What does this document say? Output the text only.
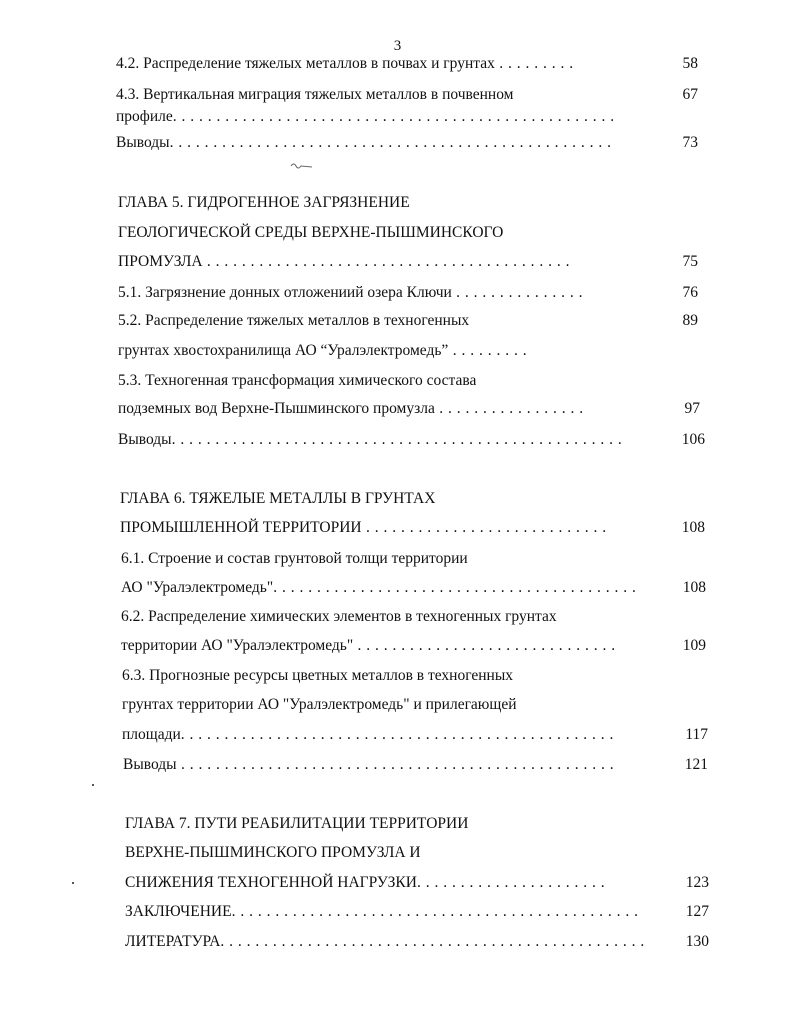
3
4.2. Распределение тяжелых металлов в почвах и грунтах . . . . . . . . .	58
4.3. Вертикальная миграция тяжелых металлов в почвенном	67
профиле. . . . . . . . . . . . . . . . . . . . . . . . . . . . . . . . . . . . . . . . . . . . . . . . . . .
Выводы. . . . . . . . . . . . . . . . . . . . . . . . . . . . . . . . . . . . . . . . . . . . . . . . . . .	73
ГЛАВА 5. ГИДРОГЕННОЕ ЗАГРЯЗНЕНИЕ
ГЕОЛОГИЧЕСКОЙ СРЕДЫ ВЕРХНЕ-ПЫШМИНСКОГО
ПРОМУЗЛА . . . . . . . . . . . . . . . . . . . . . . . . . . . . . . . . . . . . . . . . . .	75
5.1. Загрязнение донных отложениий озера Ключи . . . . . . . . . . . . . . .	76
5.2. Распределение тяжелых металлов в техногенных	89
грунтах хвостохранилища АО “Уралэлектромедь” . . . . . . . . .
5.3. Техногенная трансформация химического состава
подземных вод Верхне-Пышминского промузла . . . . . . . . . . . . . . . . .	97
Выводы. . . . . . . . . . . . . . . . . . . . . . . . . . . . . . . . . . . . . . . . . . . . . . . . . . . .	106
ГЛАВА 6. ТЯЖЕЛЫЕ МЕТАЛЛЫ В ГРУНТАХ
ПРОМЫШЛЕННОЙ ТЕРРИТОРИИ . . . . . . . . . . . . . . . . . . . . . . . . . . . .	108
6.1. Строение и состав грунтовой толщи территории
АО "Уралэлектромедь". . . . . . . . . . . . . . . . . . . . . . . . . . . . . . . . . . . . . . . . . .	108
6.2. Распределение химических элементов в техногенных грунтах
территории АО "Уралэлектромедь" . . . . . . . . . . . . . . . . . . . . . . . . . . . . . .	109
6.3. Прогнозные ресурсы цветных металлов в техногенных
грунтах территории АО "Уралэлектромедь" и прилегающей
площади. . . . . . . . . . . . . . . . . . . . . . . . . . . . . . . . . . . . . . . . . . . . . . . . . .	117
Выводы . . . . . . . . . . . . . . . . . . . . . . . . . . . . . . . . . . . . . . . . . . . . . . . . . .	121
ГЛАВА 7. ПУТИ РЕАБИЛИТАЦИИ ТЕРРИТОРИИ
ВЕРХНЕ-ПЫШМИНСКОГО ПРОМУЗЛА И
СНИЖЕНИЯ ТЕХНОГЕННОЙ НАГРУЗКИ. . . . . . . . . . . . . . . . . . . . . .	123
ЗАКЛЮЧЕНИЕ. . . . . . . . . . . . . . . . . . . . . . . . . . . . . . . . . . . . . . . . . . . . . . .	127
ЛИТЕРАТУРА. . . . . . . . . . . . . . . . . . . . . . . . . . . . . . . . . . . . . . . . . . . . . . . . .	130
